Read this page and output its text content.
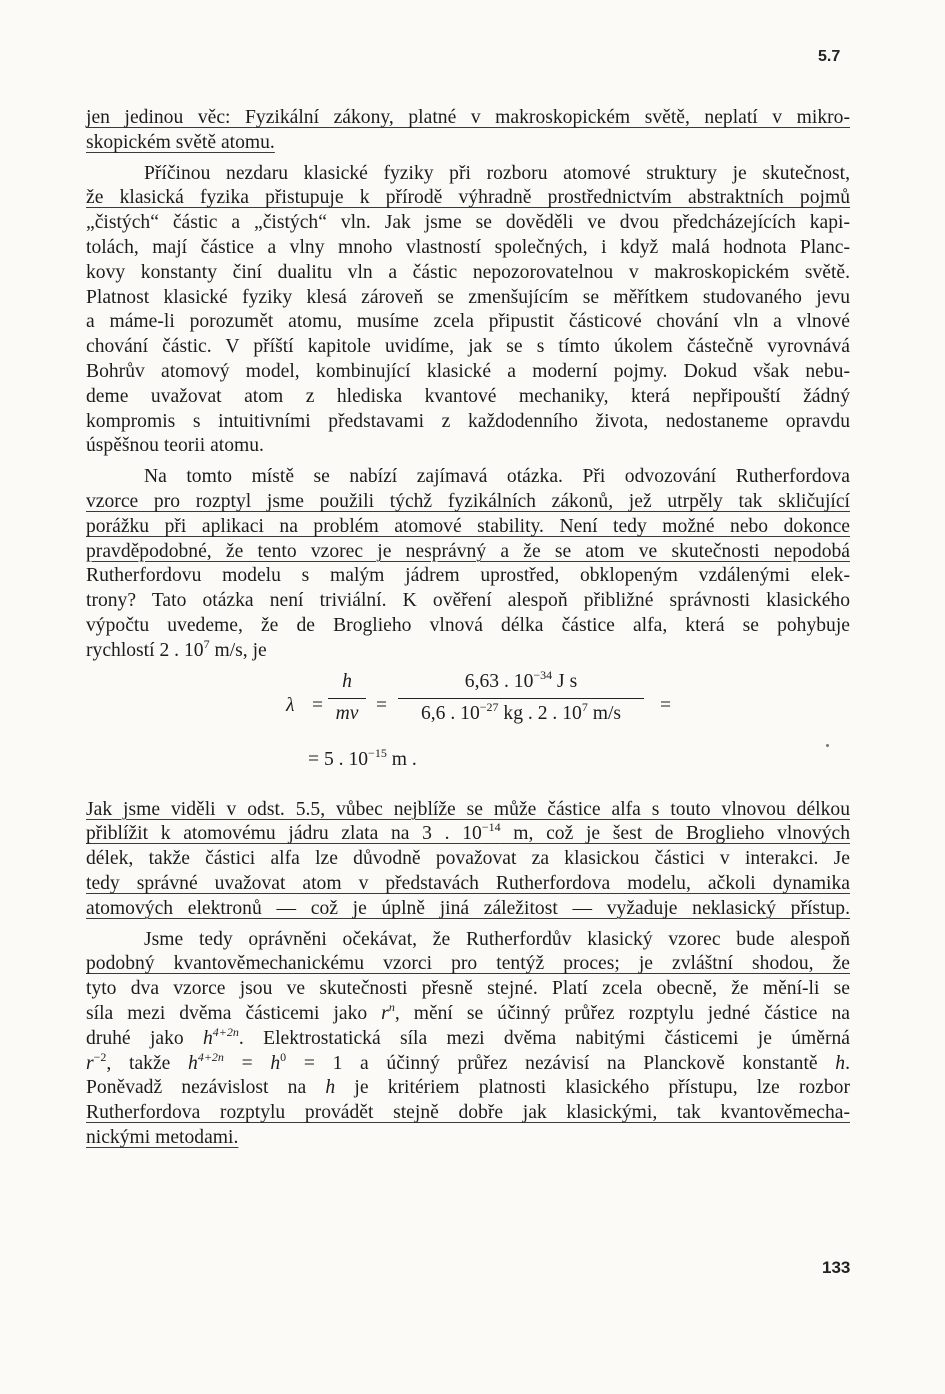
5.7
jen jedinou věc: Fyzikální zákony, platné v makroskopickém světě, neplatí v mikro-
skopickém světě atomu.
Příčinou nezdaru klasické fyziky při rozboru atomové struktury je skutečnost,
že klasická fyzika přistupuje k přírodě výhradně prostřednictvím abstraktních pojmů
„čistých“ částic a „čistých“ vln. Jak jsme se dověděli ve dvou předcházejících kapi-
tolách, mají částice a vlny mnoho vlastností společných, i když malá hodnota Planc-
kovy konstanty činí dualitu vln a částic nepozorovatelnou v makroskopickém světě.
Platnost klasické fyziky klesá zároveň se zmenšujícím se měřítkem studovaného jevu
a máme-li porozumět atomu, musíme zcela připustit částicové chování vln a vlnové
chování částic. V příští kapitole uvidíme, jak se s tímto úkolem částečně vyrovnává
Bohrův atomový model, kombinující klasické a moderní pojmy. Dokud však nebu-
deme uvažovat atom z hlediska kvantové mechaniky, která nepřipouští žádný
kompromis s intuitivními představami z každodenního života, nedostaneme opravdu
úspěšnou teorii atomu.
Na tomto místě se nabízí zajímavá otázka. Při odvozování Rutherfordova
vzorce pro rozptyl jsme použili týchž fyzikálních zákonů, jež utrpěly tak skličující
porážku při aplikaci na problém atomové stability. Není tedy možné nebo dokonce
pravděpodobné, že tento vzorec je nesprávný a že se atom ve skutečnosti nepodobá
Rutherfordovu modelu s malým jádrem uprostřed, obklopeným vzdálenými elek-
trony? Tato otázka není triviální. K ověření alespoň přibližné správnosti klasického
výpočtu uvedeme, že de Broglieho vlnová délka částice alfa, která se pohybuje
rychlostí 2 . $10^7$ m/s, je
λ =
h
mv =
6,63 . $10^{-34}$ J s
6,6 . $10^{-27}$ kg . 2 . $10^7$ m/s	=
= 5 . $10^{-15}$ m .
Jak jsme viděli v odst. 5.5, vůbec nejblíže se může částice alfa s touto vlnovou délkou
přiblížit k atomovému jádru zlata na 3 . $10^{-14}$ m, což je šest de Broglieho vlnových
délek, takže částici alfa lze důvodně považovat za klasickou částici v interakci. Je
tedy správné uvažovat atom v představách Rutherfordova modelu, ačkoli dynamika
atomových elektronů — což je úplně jiná záležitost — vyžaduje neklasický přístup.
Jsme tedy oprávněni očekávat, že Rutherfordův klasický vzorec bude alespoň
podobný kvantověmechanickému vzorci pro tentýž proces; je zvláštní shodou, že
tyto dva vzorce jsou ve skutečnosti přesně stejné. Platí zcela obecně, že mění-li se
síla mezi dvěma částicemi jako $r^n$, mění se účinný průřez rozptylu jedné částice na
druhé jako $h^{4+2n}$. Elektrostatická síla mezi dvěma nabitými částicemi je úměrná
$r^{-2}$, takže $h^{4+2n} = h^0 = 1$ a účinný průřez nezávisí na Planckově konstantě h.
Poněvadž nezávislost na h je kritériem platnosti klasického přístupu, lze rozbor
Rutherfordova rozptylu provádět stejně dobře jak klasickými, tak kvantověmecha-
nickými metodami.
133
